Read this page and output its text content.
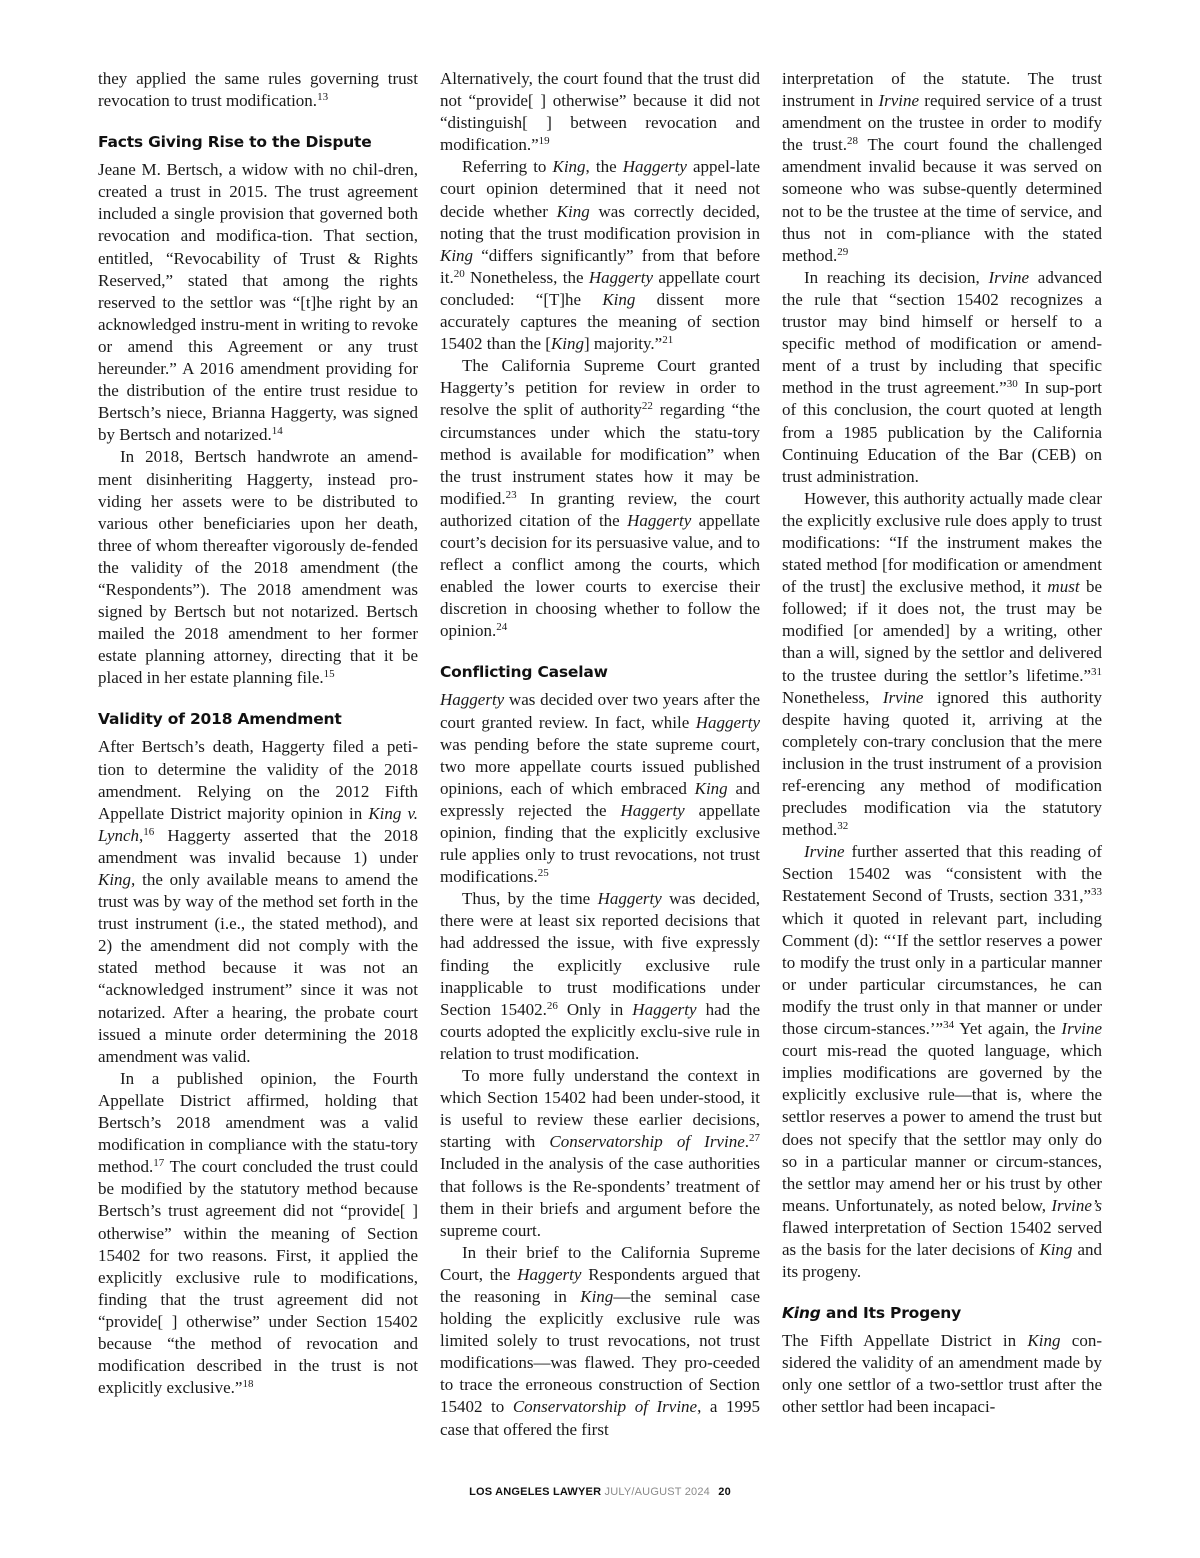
they applied the same rules governing trust revocation to trust modification.$^{13}$

Facts Giving Rise to the Dispute

Jeane M. Bertsch, a widow with no chil-dren, created a trust in 2015. The trust agreement included a single provision that governed both revocation and modifica-tion. That section, entitled, “Revocability of Trust & Rights Reserved,” stated that among the rights reserved to the settlor was “[t]he right by an acknowledged instru-ment in writing to revoke or amend this Agreement or any trust hereunder.” A 2016 amendment providing for the distribution of the entire trust residue to Bertsch’s niece, Brianna Haggerty, was signed by Bertsch and notarized.$^{14}$

In 2018, Bertsch handwrote an amend-ment disinheriting Haggerty, instead pro-viding her assets were to be distributed to various other beneficiaries upon her death, three of whom thereafter vigorously de-fended the validity of the 2018 amendment (the “Respondents”). The 2018 amendment was signed by Bertsch but not notarized. Bertsch mailed the 2018 amendment to her former estate planning attorney, directing that it be placed in her estate planning file.$^{15}$

Validity of 2018 Amendment

After Bertsch’s death, Haggerty filed a peti-tion to determine the validity of the 2018 amendment. Relying on the 2012 Fifth Appellate District majority opinion in King v. Lynch,$^{16}$ Haggerty asserted that the 2018 amendment was invalid because 1) under King, the only available means to amend the trust was by way of the method set forth in the trust instrument (i.e., the stated method), and 2) the amendment did not comply with the stated method because it was not an “acknowledged instrument” since it was not notarized. After a hearing, the probate court issued a minute order determining the 2018 amendment was valid.

In a published opinion, the Fourth Appellate District affirmed, holding that Bertsch’s 2018 amendment was a valid modification in compliance with the statu-tory method.$^{17}$ The court concluded the trust could be modified by the statutory method because Bertsch’s trust agreement did not “provide[ ] otherwise” within the meaning of Section 15402 for two reasons. First, it applied the explicitly exclusive rule to modifications, finding that the trust agreement did not “provide[ ] otherwise” under Section 15402 because “the method of revocation and modification described in the trust is not explicitly exclusive.”$^{18}$

Alternatively, the court found that the trust did not “provide[ ] otherwise” because it did not “distinguish[ ] between revocation and modification.”$^{19}$

Referring to King, the Haggerty appel-late court opinion determined that it need not decide whether King was correctly decided, noting that the trust modification provision in King “differs significantly” from that before it.$^{20}$ Nonetheless, the Haggerty appellate court concluded: “[T]he King dissent more accurately captures the meaning of section 15402 than the [King] majority.”$^{21}$

The California Supreme Court granted Haggerty’s petition for review in order to resolve the split of authority$^{22}$ regarding “the circumstances under which the statu-tory method is available for modification” when the trust instrument states how it may be modified.$^{23}$ In granting review, the court authorized citation of the Haggerty appellate court’s decision for its persuasive value, and to reflect a conflict among the courts, which enabled the lower courts to exercise their discretion in choosing whether to follow the opinion.$^{24}$

Conflicting Caselaw

Haggerty was decided over two years after the court granted review. In fact, while Haggerty was pending before the state supreme court, two more appellate courts issued published opinions, each of which embraced King and expressly rejected the Haggerty appellate opinion, finding that the explicitly exclusive rule applies only to trust revocations, not trust modifications.$^{25}$

Thus, by the time Haggerty was decided, there were at least six reported decisions that had addressed the issue, with five expressly finding the explicitly exclusive rule inapplicable to trust modifications under Section 15402.26 Only in Haggerty had the courts adopted the explicitly exclu-sive rule in relation to trust modification.

To more fully understand the context in which Section 15402 had been under-stood, it is useful to review these earlier decisions, starting with Conservatorship of Irvine.$^{27}$ Included in the analysis of the case authorities that follows is the Re-spondents’ treatment of them in their briefs and argument before the supreme court.

In their brief to the California Supreme Court, the Haggerty Respondents argued that the reasoning in King—the seminal case holding the explicitly exclusive rule was limited solely to trust revocations, not trust modifications—was flawed. They pro-ceeded to trace the erroneous construction of Section 15402 to Conservatorship of Irvine, a 1995 case that offered the first

interpretation of the statute. The trust instrument in Irvine required service of a trust amendment on the trustee in order to modify the trust.$^{28}$ The court found the challenged amendment invalid because it was served on someone who was subse-quently determined not to be the trustee at the time of service, and thus not in com-pliance with the stated method.$^{29}$

In reaching its decision, Irvine advanced the rule that “section 15402 recognizes a trustor may bind himself or herself to a specific method of modification or amend-ment of a trust by including that specific method in the trust agreement.”$^{30}$ In sup-port of this conclusion, the court quoted at length from a 1985 publication by the California Continuing Education of the Bar (CEB) on trust administration.

However, this authority actually made clear the explicitly exclusive rule does apply to trust modifications: “If the instrument makes the stated method [for modification or amendment of the trust] the exclusive method, it must be followed; if it does not, the trust may be modified [or amended] by a writing, other than a will, signed by the settlor and delivered to the trustee during the settlor’s lifetime.”$^{31}$ Nonetheless, Irvine ignored this authority despite having quoted it, arriving at the completely con-trary conclusion that the mere inclusion in the trust instrument of a provision ref-erencing any method of modification precludes modification via the statutory method.$^{32}$

Irvine further asserted that this reading of Section 15402 was “consistent with the Restatement Second of Trusts, section 331,”$^{33}$ which it quoted in relevant part, including Comment (d): “‘If the settlor reserves a power to modify the trust only in a particular manner or under particular circumstances, he can modify the trust only in that manner or under those circum-stances.’”$^{34}$ Yet again, the Irvine court mis-read the quoted language, which implies modifications are governed by the explicitly exclusive rule—that is, where the settlor reserves a power to amend the trust but does not specify that the settlor may only do so in a particular manner or circum-stances, the settlor may amend her or his trust by other means. Unfortunately, as noted below, Irvine’s flawed interpretation of Section 15402 served as the basis for the later decisions of King and its progeny.

King and Its Progeny

The Fifth Appellate District in King con-sidered the validity of an amendment made by only one settlor of a two-settlor trust after the other settlor had been incapaci-

LOS ANGELES LAWYER JULY/AUGUST 2024 20
